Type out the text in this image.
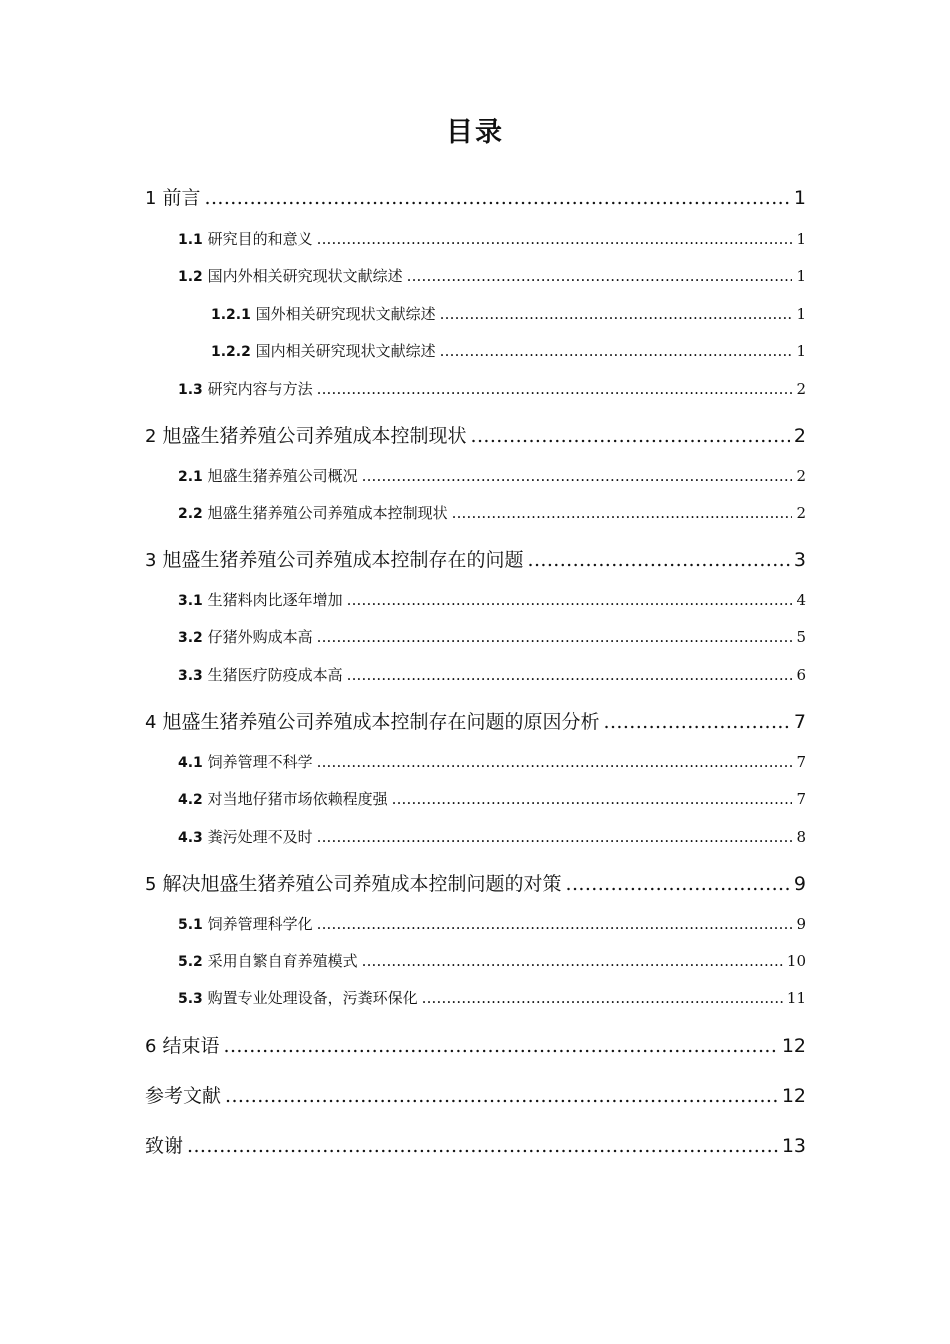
目录
1 前言 .....	1
1.1 研究目的和意义 .....	1
1.2 国内外相关研究现状文献综述 .....	1
1.2.1 国外相关研究现状文献综述 .....	1
1.2.2 国内相关研究现状文献综述 .....	1
1.3 研究内容与方法 .....	2
2 旭盛生猪养殖公司养殖成本控制现状 .....	2
2.1 旭盛生猪养殖公司概况 .....	2
2.2 旭盛生猪养殖公司养殖成本控制现状 .....	2
3 旭盛生猪养殖公司养殖成本控制存在的问题 .....	3
3.1 生猪料肉比逐年增加 .....	4
3.2 仔猪外购成本高 .....	5
3.3 生猪医疗防疫成本高 .....	6
4 旭盛生猪养殖公司养殖成本控制存在问题的原因分析 .....	7
4.1 饲养管理不科学 .....	7
4.2 对当地仔猪市场依赖程度强 .....	7
4.3 粪污处理不及时 .....	8
5 解决旭盛生猪养殖公司养殖成本控制问题的对策 .....	9
5.1 饲养管理科学化 .....	9
5.2 采用自繁自育养殖模式 .....	10
5.3 购置专业处理设备，污粪环保化 .....	11
6 结束语 .....	12
参考文献 .....	12
致谢 .....	13
